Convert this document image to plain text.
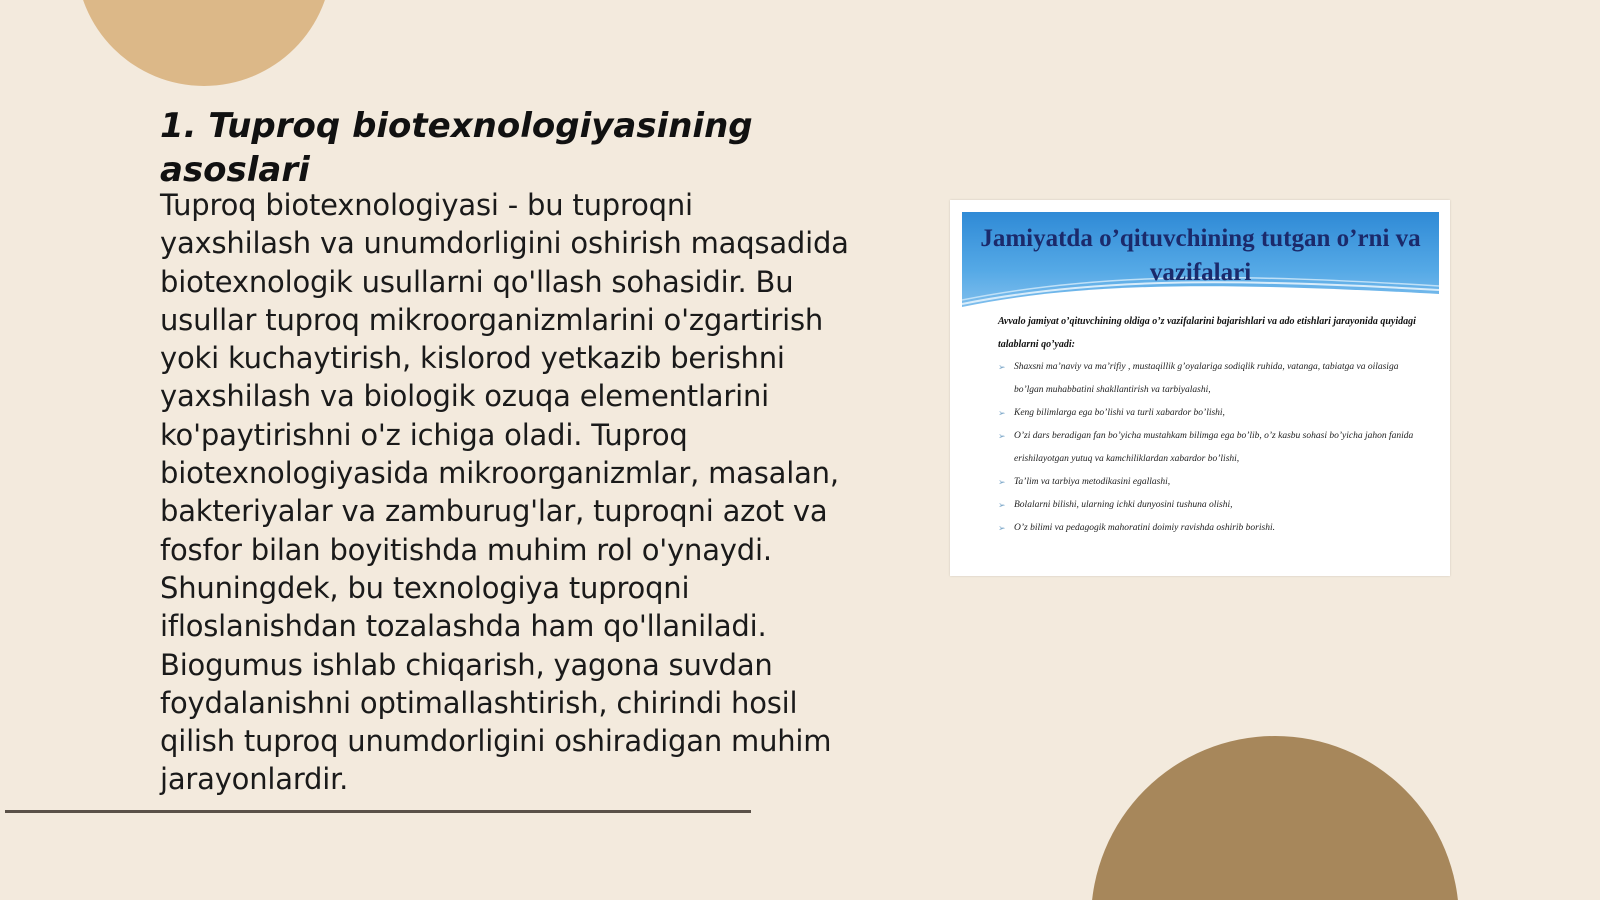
1. Tuproq biotexnologiyasining asoslari

Tuproq biotexnologiyasi - bu tuproqni yaxshilash va unumdorligini oshirish maqsadida biotexnologik usullarni qo'llash sohasidir. Bu usullar tuproq mikroorganizmlarini o'zgartirish yoki kuchaytirish, kislorod yetkazib berishni yaxshilash va biologik ozuqa elementlarini ko'paytirishni o'z ichiga oladi. Tuproq biotexnologiyasida mikroorganizmlar, masalan, bakteriyalar va zamburug'lar, tuproqni azot va fosfor bilan boyitishda muhim rol o'ynaydi. Shuningdek, bu texnologiya tuproqni ifloslanishdan tozalashda ham qo'llaniladi. Biogumus ishlab chiqarish, yagona suvdan foydalanishni optimallashtirish, chirindi hosil qilish tuproq unumdorligini oshiradigan muhim jarayonlardir.

Jamiyatda o’qituvchining tutgan o’rni va vazifalari

Avvalo jamiyat o’qituvchining oldiga o’z vazifalarini bajarishlari va ado etishlari jarayonida quyidagi talablarni qo’yadi:

➢ Shaxsni ma’naviy va ma’rifiy , mustaqillik g’oyalariga sodiqlik ruhida, vatanga, tabiatga va oilasiga bo’lgan muhabbatini shakllantirish va tarbiyalashi,
➢ Keng bilimlarga ega bo’lishi va turli xabardor bo’lishi,
➢ O’zi dars beradigan fan bo’yicha mustahkam bilimga ega bo’lib, o’z kasbu sohasi bo’yicha jahon fanida erishilayotgan yutuq va kamchiliklardan xabardor bo’lishi,
➢ Ta’lim va tarbiya metodikasini egallashi,
➢ Bolalarni bilishi, ularning ichki dunyosini tushuna olishi,
➢ O’z bilimi va pedagogik mahoratini doimiy ravishda oshirib borishi.
